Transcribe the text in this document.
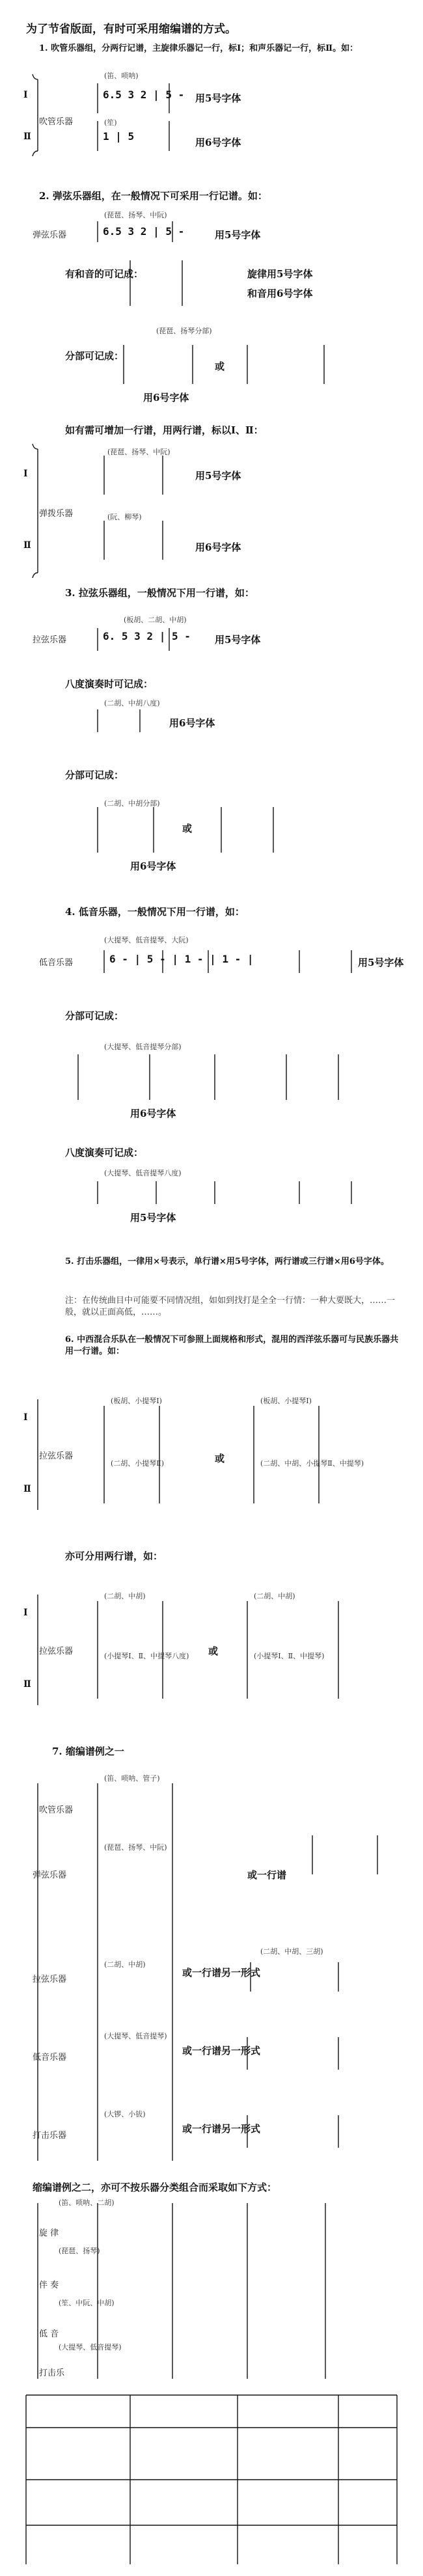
为了节省版面，有时可采用缩编谱的方式。
1. 吹管乐器组，分两行记谱，主旋律乐器记一行，标Ⅰ；和声乐器记一行，标Ⅱ。如：
(笛、唢呐)
Ⅰ
吹管乐器
6.5 3 2 | 5 - 用5号字体
(笙)
Ⅱ	1 | 5	用6号字体
2. 弹弦乐器组，在一般情况下可采用一行记谱。如：
(琵琶、扬琴、中阮)
弹弦乐器	6.5 3 2 | 5 -	用5号字体
有和音的可记成：	旋律用5号字体
和音用6号字体
(琵琶、扬琴分部)
分部可记成：
或
用6号字体
如有需可增加一行谱，用两行谱，标以Ⅰ、Ⅱ：
(琵琶、扬琴、中阮)
Ⅰ
弹拨乐器
用5号字体
(阮、柳琴)
Ⅱ	用6号字体
3. 拉弦乐器组，一般情况下用一行谱，如：
(板胡、二胡、中胡)
拉弦乐器	6. 5 3 2 | 5 - 用5号字体
八度演奏时可记成：
(二胡、中胡八度)
用6号字体
分部可记成：
(二胡、中胡分部)
或
用6号字体
4. 低音乐器，一般情况下用一行谱，如：
(大提琴、低音提琴、大阮)
低音乐器	6 - | 5 - | 1 - | 1 - |	用5号字体
分部可记成：
(大提琴、低音提琴分部)
用6号字体
八度演奏可记成：
(大提琴、低音提琴八度)
用5号字体
5. 打击乐器组，一律用×号表示，单行谱×用5号字体，两行谱或三行谱×用6号字体。
注：在传统曲目中可能要不同情况组，如如到找打是全全一行情：一种大要既大，……一般，就以正面高低，……。
6. 中西混合乐队在一般情况下可参照上面规格和形式，混用的西洋弦乐器可与民族乐器共用一行谱。如：
(板胡、小提琴Ⅰ)
(二胡、小提琴Ⅱ)
(板胡、小提琴Ⅰ)
(二胡、中胡、小提琴Ⅱ、中提琴)
Ⅰ
拉弦乐器
Ⅱ
或
亦可分用两行谱，如：
(二胡、中胡)
(小提琴Ⅰ、Ⅱ、中提琴八度)
(二胡、中胡)
(小提琴Ⅰ、Ⅱ、中提琴)
Ⅰ
拉弦乐器
Ⅱ
或
7. 缩编谱例之一
(笛、唢呐、管子)
吹管乐器
(琵琶、扬琴、中阮)
弹弦乐器	或一行谱
(二胡、中胡、三胡)
(二胡、中胡)
拉弦乐器
或一行谱另一形式
(大提琴、低音提琴)
低音乐器
或一行谱另一形式
(大锣、小钹)
打击乐器
或一行谱另一形式
缩编谱例之二，亦可不按乐器分类组合而采取如下方式：
(笛、唢呐、二胡)
旋 律
(琵琶、扬琴)
伴 奏
(笙、中阮、中胡)
低 音
(大提琴、低音提琴)
打击乐
